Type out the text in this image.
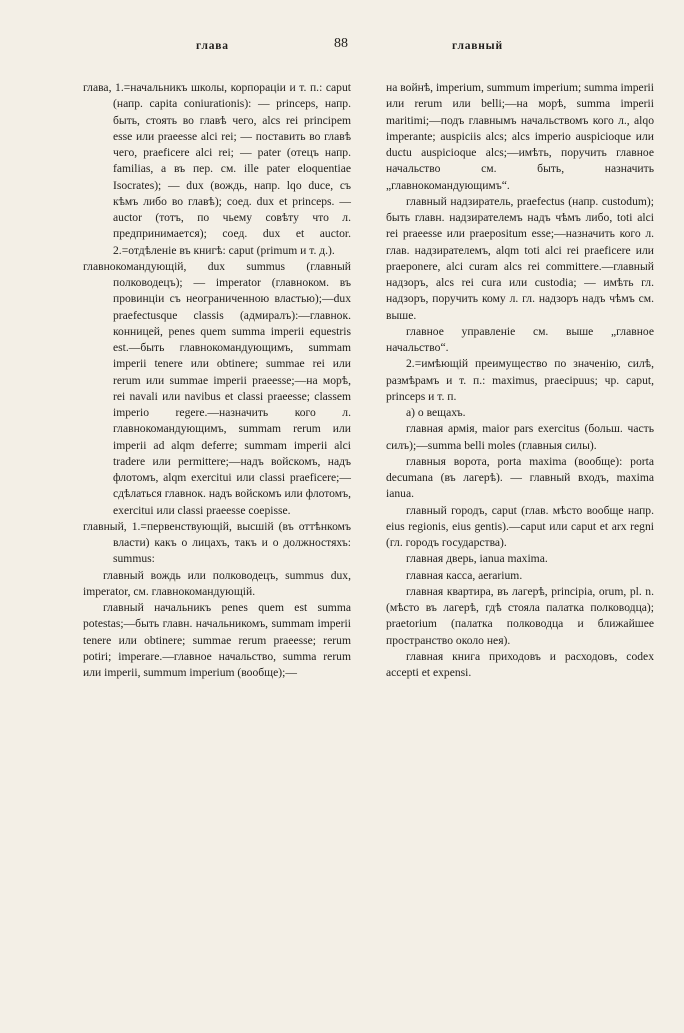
глава	88	главный

глава, 1.=начальникъ школы, корпораціи и т. п.: caput (напр. capita coniurationis): — princeps, напр. быть, стоять во главѣ чего, alcs rei principem esse или praeesse alci rei; — поставить во главѣ чего, praeficere alci rei; — pater (отецъ напр. familias, а въ пер. см. ille pater eloquentiae Isocrates); — dux (вождь, напр. lqo duce, съ кѣмъ либо во главѣ); соед. dux et princeps. — auctor (тотъ, по чьему совѣту что л. предпринимается); соед. dux et auctor. 2.=отдѣленіе въ книгѣ: caput (primum и т. д.).

главнокомандующій, dux summus (главный полководецъ); — imperator (главноком. въ провинціи съ неограниченною властью);—dux praefectusque classis (адмиралъ):—главнок. конницей, penes quem summa imperii equestris est.—быть главнокомандующимъ, summam imperii tenere или obtinere; summae rei или rerum или summae imperii praeesse;—на морѣ, rei navali или navibus et classi praeesse; classem imperio regere.—назначить кого л. главнокомандующимъ, summam rerum или imperii ad alqm deferre; summam imperii alci tradere или permittere;—надъ войскомъ, надъ флотомъ, alqm exercitui или classi praeficere;—сдѣлаться главнок. надъ войскомъ или флотомъ, exercitui или classi praeesse coepisse.

главный, 1.=первенствующій, высшій (въ оттѣнкомъ власти) какъ о лицахъ, такъ и о должностяхъ: summus:

главный вождь или полководецъ, summus dux, imperator, см. главнокомандующій.

главный начальникъ penes quem est summa potestas;—быть главн. начальникомъ, summam imperii tenere или obtinere; summae rerum praeesse; rerum potiri; imperare.—главное начальство, summa rerum или imperii, summum imperium (вообще);—

на войнѣ, imperium, summum imperium; summa imperii или rerum или belli;—на морѣ, summa imperii maritimi;—подъ главнымъ начальствомъ кого л., alqo imperante; auspiciis alcs; alcs imperio auspicioque или ductu auspicioque alcs;—имѣть, поручить главное начальство см. быть, назначить „главнокомандующимъ“.

главный надзиратель, praefectus (напр. custodum); быть главн. надзирателемъ надъ чѣмъ либо, toti alci rei praeesse или praepositum esse;—назначить кого л. глав. надзирателемъ, alqm toti alci rei praeficere или praeponere, alci curam alcs rei committere.—главный надзоръ, alcs rei cura или custodia; — имѣть гл. надзоръ, поручить кому л. гл. надзоръ надъ чѣмъ см. выше.

главное управленіе см. выше „главное начальство“.

2.=имѣющій преимущество по значенію, силѣ, размѣрамъ и т. п.: maximus, praecipuus; чр. caput, princeps и т. п.

а) о вещахъ.

главная армія, maior pars exercitus (больш. часть силъ);—summa belli moles (главныя силы).

главныя ворота, porta maxima (вообще): porta decumana (въ лагерѣ). — главный входъ, maxima ianua.

главный городъ, caput (глав. мѣсто вообще напр. eius regionis, eius gentis).—caput или caput et arx regni (гл. городъ государства).

главная дверь, ianua maxima.

главная касса, aerarium.

главная квартира, въ лагерѣ, principia, orum, pl. n. (мѣсто въ лагерѣ, гдѣ стояла палатка полководца); praetorium (палатка полководца и ближайшее пространство около нея).

главная книга приходовъ и расходовъ, codex accepti et expensi.
